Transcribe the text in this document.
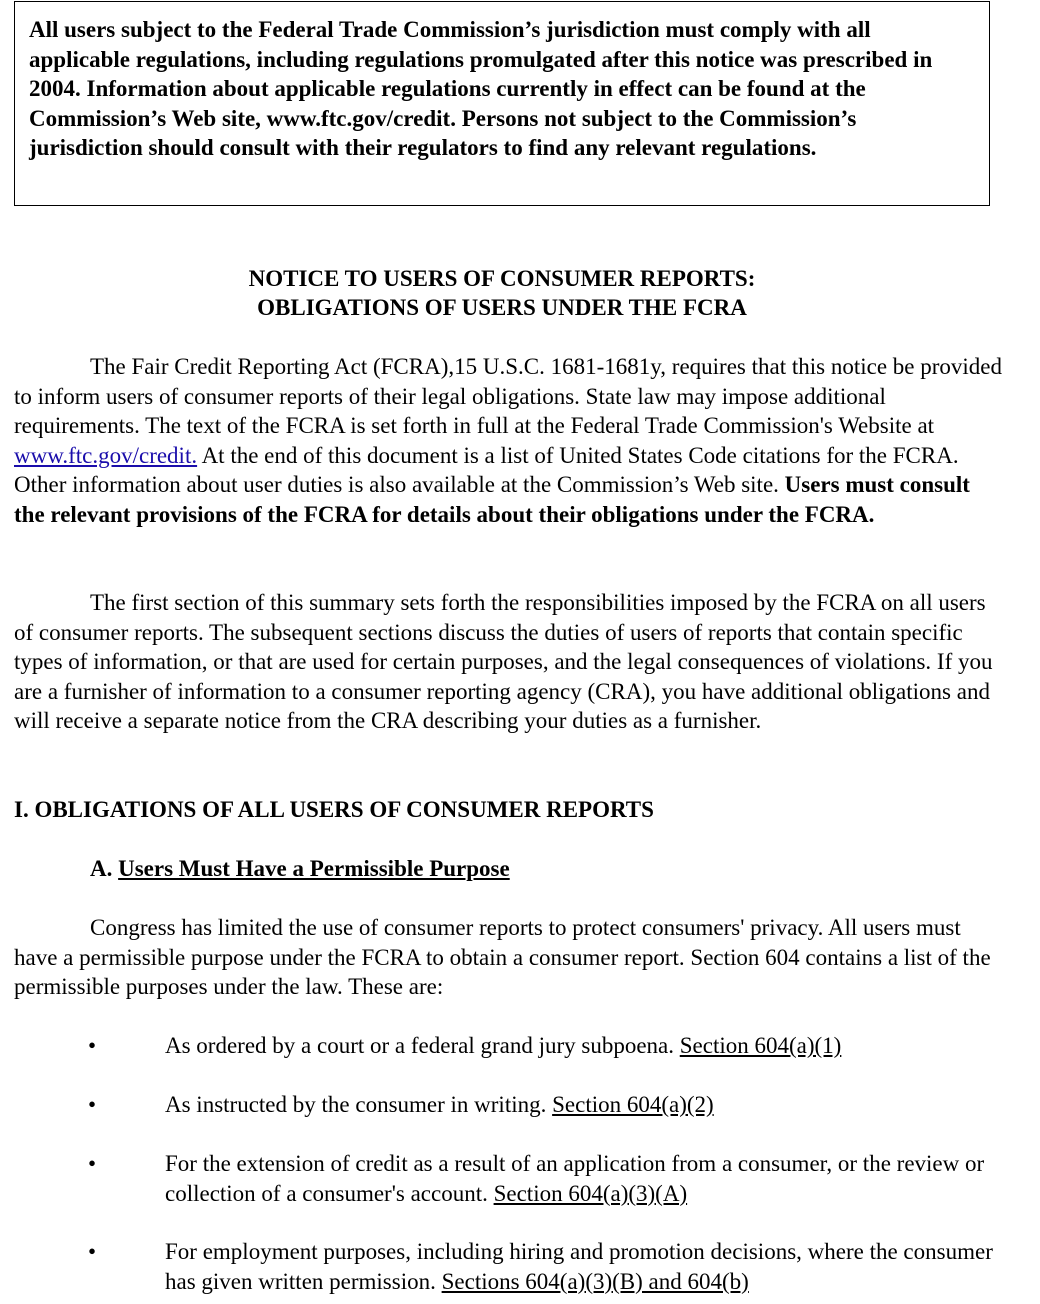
All users subject to the Federal Trade Commission’s jurisdiction must comply with all applicable regulations, including regulations promulgated after this notice was prescribed in 2004. Information about applicable regulations currently in effect can be found at the Commission’s Web site, www.ftc.gov/credit. Persons not subject to the Commission’s jurisdiction should consult with their regulators to find any relevant regulations.
NOTICE TO USERS OF CONSUMER REPORTS:
OBLIGATIONS OF USERS UNDER THE FCRA
The Fair Credit Reporting Act (FCRA),15 U.S.C. 1681-1681y, requires that this notice be provided to inform users of consumer reports of their legal obligations. State law may impose additional requirements. The text of the FCRA is set forth in full at the Federal Trade Commission's Website at www.ftc.gov/credit. At the end of this document is a list of United States Code citations for the FCRA. Other information about user duties is also available at the Commission’s Web site. Users must consult the relevant provisions of the FCRA for details about their obligations under the FCRA.
The first section of this summary sets forth the responsibilities imposed by the FCRA on all users of consumer reports. The subsequent sections discuss the duties of users of reports that contain specific types of information, or that are used for certain purposes, and the legal consequences of violations. If you are a furnisher of information to a consumer reporting agency (CRA), you have additional obligations and will receive a separate notice from the CRA describing your duties as a furnisher.
I. OBLIGATIONS OF ALL USERS OF CONSUMER REPORTS
A. Users Must Have a Permissible Purpose
Congress has limited the use of consumer reports to protect consumers' privacy. All users must have a permissible purpose under the FCRA to obtain a consumer report. Section 604 contains a list of the permissible purposes under the law. These are:
•	As ordered by a court or a federal grand jury subpoena. Section 604(a)(1)
•	As instructed by the consumer in writing. Section 604(a)(2)
•	For the extension of credit as a result of an application from a consumer, or the review or collection of a consumer's account. Section 604(a)(3)(A)
•	For employment purposes, including hiring and promotion decisions, where the consumer has given written permission. Sections 604(a)(3)(B) and 604(b)
